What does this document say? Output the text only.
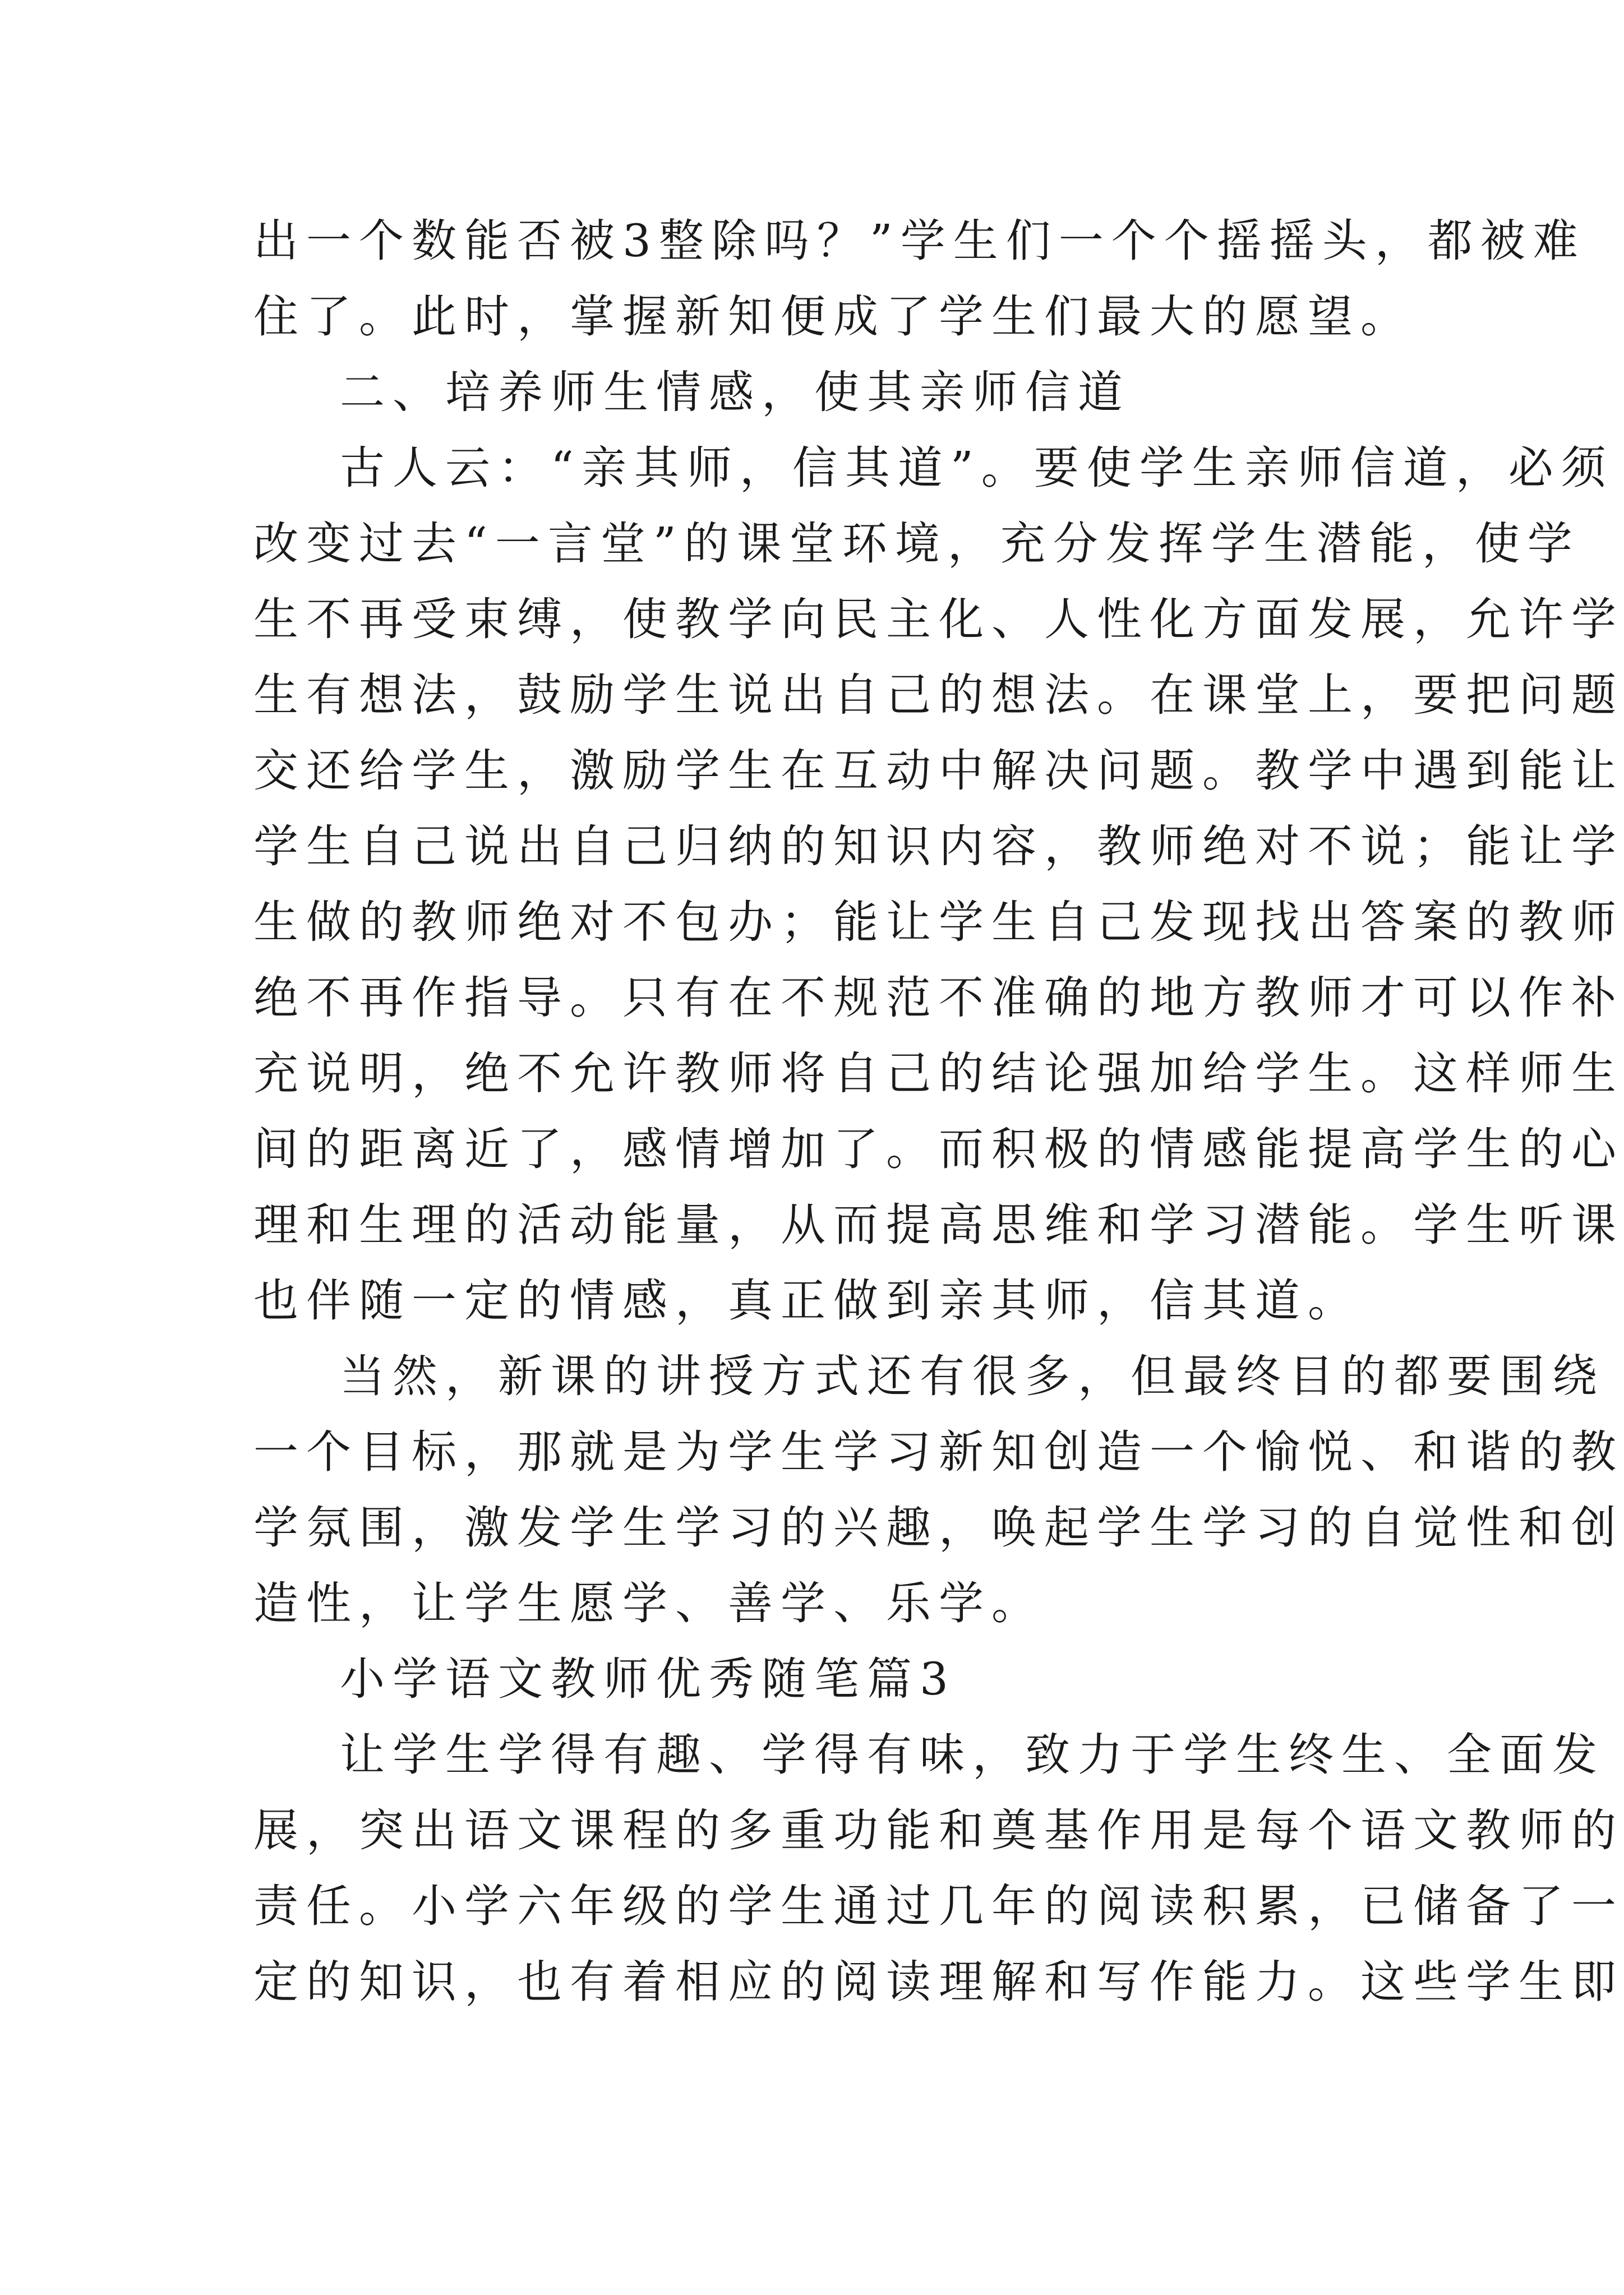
出一个数能否被3整除吗？”学生们一个个摇摇头，都被难
住了。此时，掌握新知便成了学生们最大的愿望。
二、培养师生情感，使其亲师信道
古人云：“亲其师，信其道”。要使学生亲师信道，必须
改变过去“一言堂”的课堂环境，充分发挥学生潜能，使学
生不再受束缚，使教学向民主化、人性化方面发展，允许学
生有想法，鼓励学生说出自己的想法。在课堂上，要把问题
交还给学生，激励学生在互动中解决问题。教学中遇到能让
学生自己说出自己归纳的知识内容，教师绝对不说；能让学
生做的教师绝对不包办；能让学生自己发现找出答案的教师
绝不再作指导。只有在不规范不准确的地方教师才可以作补
充说明，绝不允许教师将自己的结论强加给学生。这样师生
间的距离近了，感情增加了。而积极的情感能提高学生的心
理和生理的活动能量，从而提高思维和学习潜能。学生听课
也伴随一定的情感，真正做到亲其师，信其道。
当然，新课的讲授方式还有很多，但最终目的都要围绕
一个目标，那就是为学生学习新知创造一个愉悦、和谐的教
学氛围，激发学生学习的兴趣，唤起学生学习的自觉性和创
造性，让学生愿学、善学、乐学。
小学语文教师优秀随笔篇3
让学生学得有趣、学得有味，致力于学生终生、全面发
展，突出语文课程的多重功能和奠基作用是每个语文教师的
责任。小学六年级的学生通过几年的阅读积累，已储备了一
定的知识，也有着相应的阅读理解和写作能力。这些学生即
